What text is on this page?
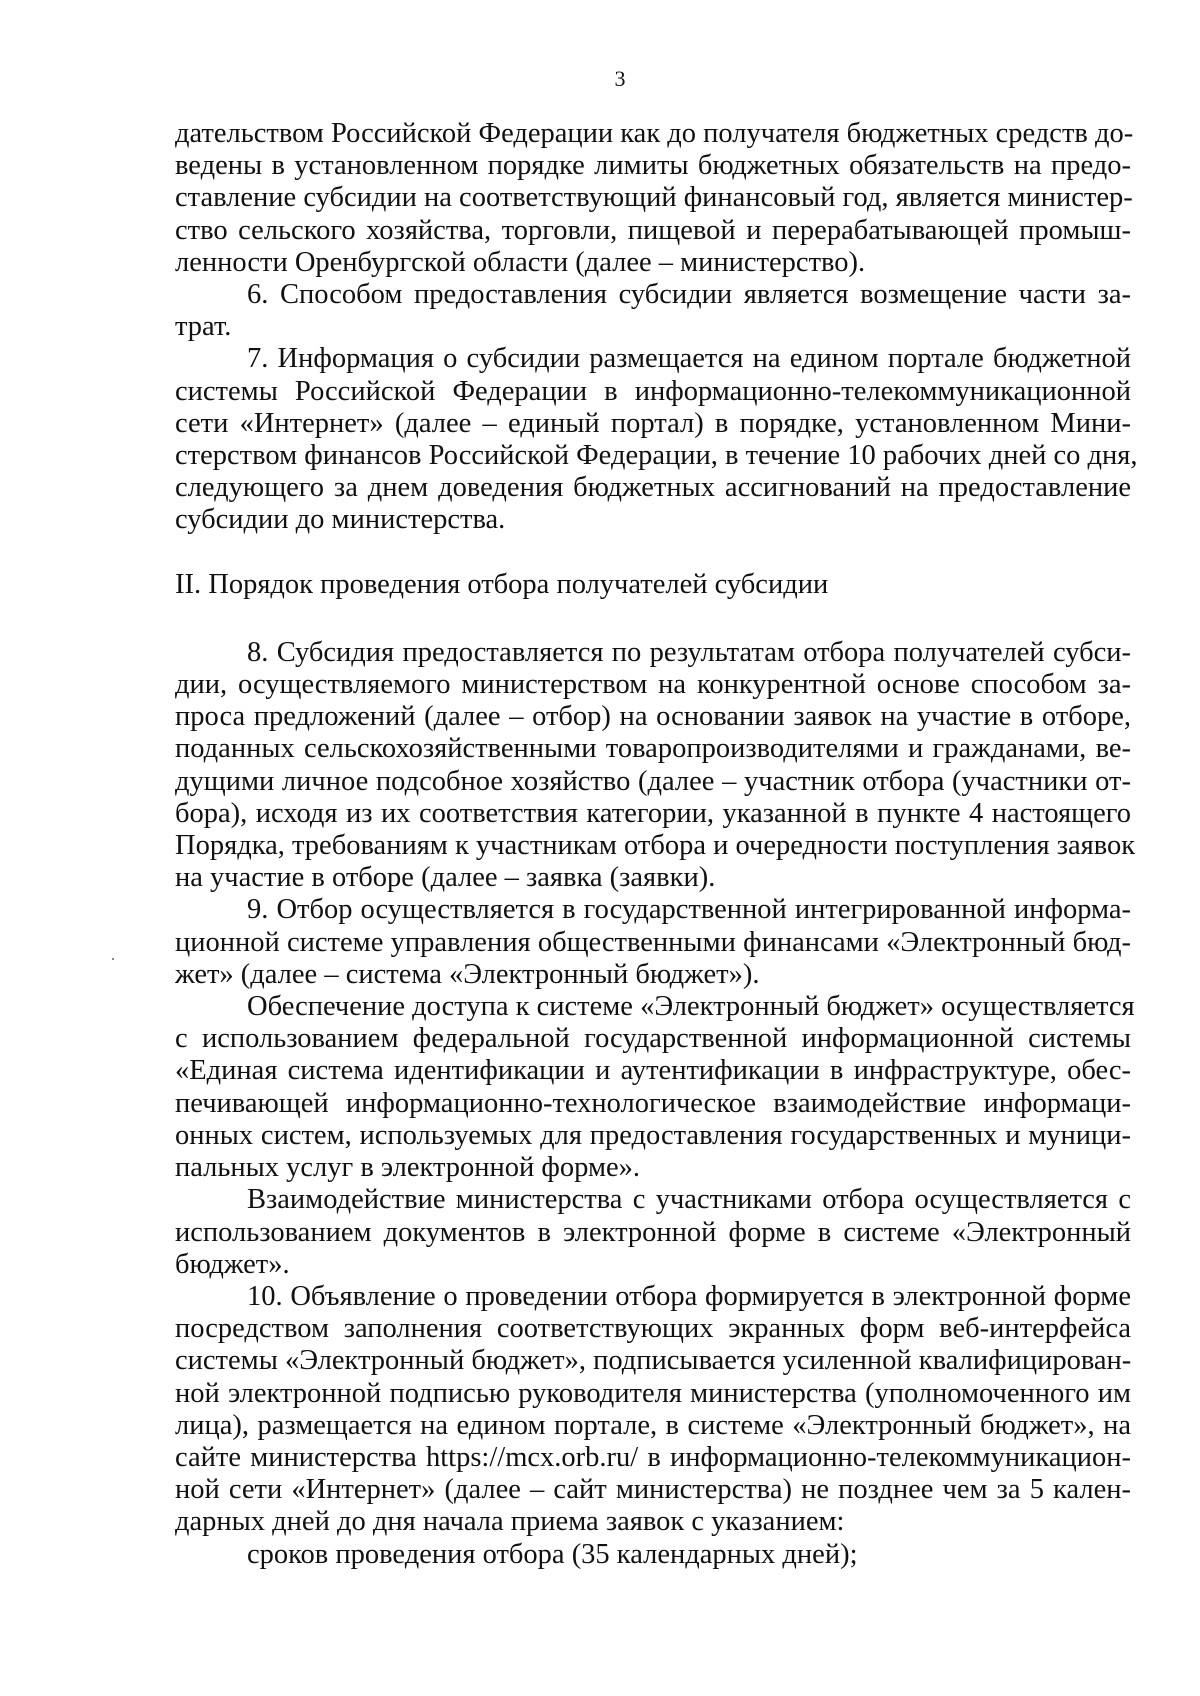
3
дательством Российской Федерации как до получателя бюджетных средств до-
ведены в установленном порядке лимиты бюджетных обязательств на предо-
ставление субсидии на соответствующий финансовый год, является министер-
ство сельского хозяйства, торговли, пищевой и перерабатывающей промыш-
ленности Оренбургской области (далее – министерство).
6. Способом предоставления субсидии является возмещение части за-
трат.
7. Информация о субсидии размещается на едином портале бюджетной
системы Российской Федерации в информационно-телекоммуникационной
сети «Интернет» (далее – единый портал) в порядке, установленном Мини-
стерством финансов Российской Федерации, в течение 10 рабочих дней со дня,
следующего за днем доведения бюджетных ассигнований на предоставление
субсидии до министерства.
II. Порядок проведения отбора получателей субсидии
8. Субсидия предоставляется по результатам отбора получателей субси-
дии, осуществляемого министерством на конкурентной основе способом за-
проса предложений (далее – отбор) на основании заявок на участие в отборе,
поданных сельскохозяйственными товаропроизводителями и гражданами, ве-
дущими личное подсобное хозяйство (далее – участник отбора (участники от-
бора), исходя из их соответствия категории, указанной в пункте 4 настоящего
Порядка, требованиям к участникам отбора и очередности поступления заявок
на участие в отборе (далее – заявка (заявки).
9. Отбор осуществляется в государственной интегрированной информа-
ционной системе управления общественными финансами «Электронный бюд-
жет» (далее – система «Электронный бюджет»).
Обеспечение доступа к системе «Электронный бюджет» осуществляется
с использованием федеральной государственной информационной системы
«Единая система идентификации и аутентификации в инфраструктуре, обес-
печивающей информационно-технологическое взаимодействие информаци-
онных систем, используемых для предоставления государственных и муници-
пальных услуг в электронной форме».
Взаимодействие министерства с участниками отбора осуществляется с
использованием документов в электронной форме в системе «Электронный
бюджет».
10. Объявление о проведении отбора формируется в электронной форме
посредством заполнения соответствующих экранных форм веб-интерфейса
системы «Электронный бюджет», подписывается усиленной квалифицирован-
ной электронной подписью руководителя министерства (уполномоченного им
лица), размещается на едином портале, в системе «Электронный бюджет», на
сайте министерства https://mcx.orb.ru/ в информационно-телекоммуникацион-
ной сети «Интернет» (далее – сайт министерства) не позднее чем за 5 кален-
дарных дней до дня начала приема заявок с указанием:
сроков проведения отбора (35 календарных дней);
